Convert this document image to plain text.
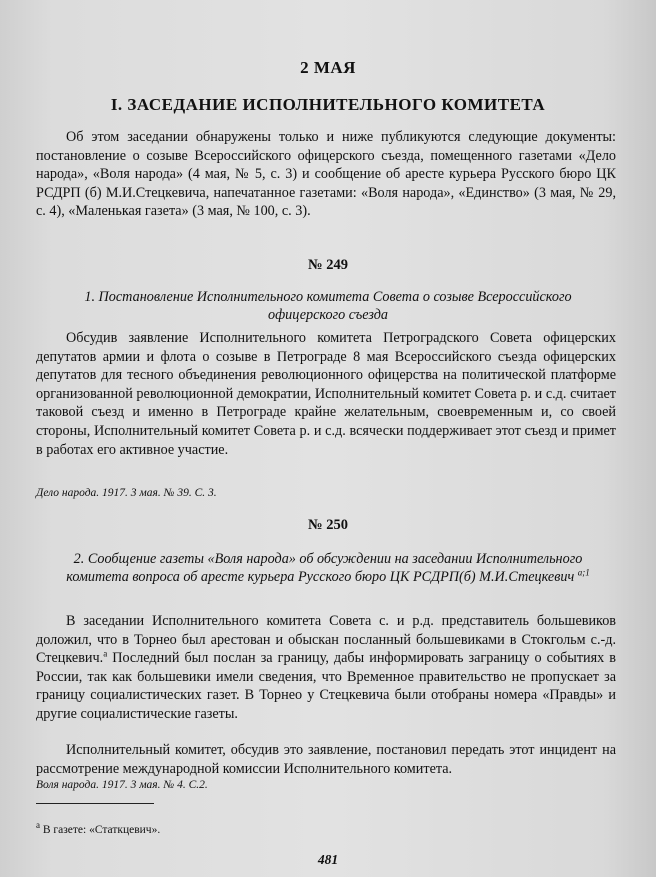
2 МАЯ
I. ЗАСЕДАНИЕ ИСПОЛНИТЕЛЬНОГО КОМИТЕТА

Об этом заседании обнаружены только и ниже публикуются следующие документы: постановление о созыве Всероссийского офицерского съезда, помещенного газетами «Дело народа», «Воля народа» (4 мая, № 5, с. 3) и сообщение об аресте курьера Русского бюро ЦК РСДРП (б) М.И.Стецкевича, напечатанное газетами: «Воля народа», «Единство» (3 мая, № 29, с. 4), «Маленькая газета» (3 мая, № 100, с. 3).

№ 249

1. Постановление Исполнительного комитета Совета о созыве Всероссийского офицерского съезда

Обсудив заявление Исполнительного комитета Петроградского Совета офицерских депутатов армии и флота о созыве в Петрограде 8 мая Всероссийского съезда офицерских депутатов для тесного объединения революционного офицерства на политической платформе организованной революционной демократии, Исполнительный комитет Совета р. и с.д. считает таковой съезд и именно в Петрограде крайне желательным, своевременным и, со своей стороны, Исполнительный комитет Совета р. и с.д. всячески поддерживает этот съезд и примет в работах его активное участие.

Дело народа. 1917. 3 мая. № 39. С. 3.
№ 250

2. Сообщение газеты «Воля народа» об обсуждении на заседании Исполнительного комитета вопроса об аресте курьера Русского бюро ЦК РСДРП(б) М.И.Стецкевич $^{a;1}$

В заседании Исполнительного комитета Совета с. и р.д. представитель большевиков доложил, что в Торнео был арестован и обыскан посланный большевиками в Стокгольм с.-д. Стецкевич.$^а$ Последний был послан за границу, дабы информировать заграницу о событиях в России, так как большевики имели сведения, что Временное правительство не пропускает за границу социалистических газет. В Торнео у Стецкевича были отобраны номера «Правды» и другие социалистические газеты.

Исполнительный комитет, обсудив это заявление, постановил передать этот инцидент на рассмотрение международной комиссии Исполнительного комитета.

Воля народа. 1917. 3 мая. № 4. С.2.
$^а$ В газете: «Статкцевич».
481
